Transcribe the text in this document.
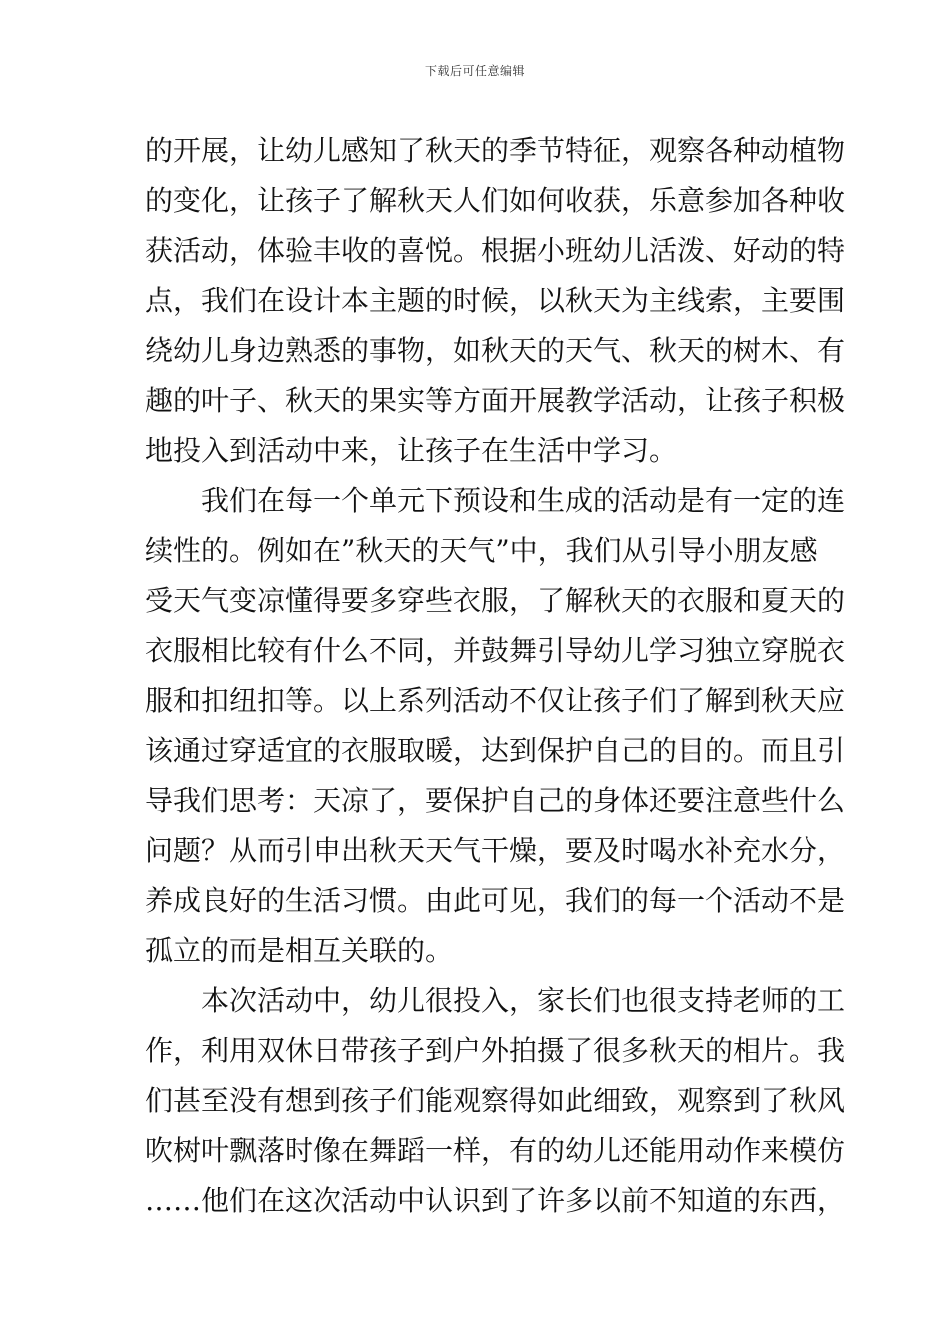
下载后可任意编辑
的开展，让幼儿感知了秋天的季节特征，观察各种动植物
的变化，让孩子了解秋天人们如何收获，乐意参加各种收
获活动，体验丰收的喜悦。根据小班幼儿活泼、好动的特
点，我们在设计本主题的时候，以秋天为主线索，主要围
绕幼儿身边熟悉的事物，如秋天的天气、秋天的树木、有
趣的叶子、秋天的果实等方面开展教学活动，让孩子积极
地投入到活动中来，让孩子在生活中学习。
我们在每一个单元下预设和生成的活动是有一定的连
续性的。例如在”秋天的天气”中，我们从引导小朋友感
受天气变凉懂得要多穿些衣服，了解秋天的衣服和夏天的
衣服相比较有什么不同，并鼓舞引导幼儿学习独立穿脱衣
服和扣纽扣等。以上系列活动不仅让孩子们了解到秋天应
该通过穿适宜的衣服取暖，达到保护自己的目的。而且引
导我们思考：天凉了，要保护自己的身体还要注意些什么
问题？从而引申出秋天天气干燥，要及时喝水补充水分，
养成良好的生活习惯。由此可见，我们的每一个活动不是
孤立的而是相互关联的。
本次活动中，幼儿很投入，家长们也很支持老师的工
作，利用双休日带孩子到户外拍摄了很多秋天的相片。我
们甚至没有想到孩子们能观察得如此细致，观察到了秋风
吹树叶飘落时像在舞蹈一样，有的幼儿还能用动作来模仿
……他们在这次活动中认识到了许多以前不知道的东西，
